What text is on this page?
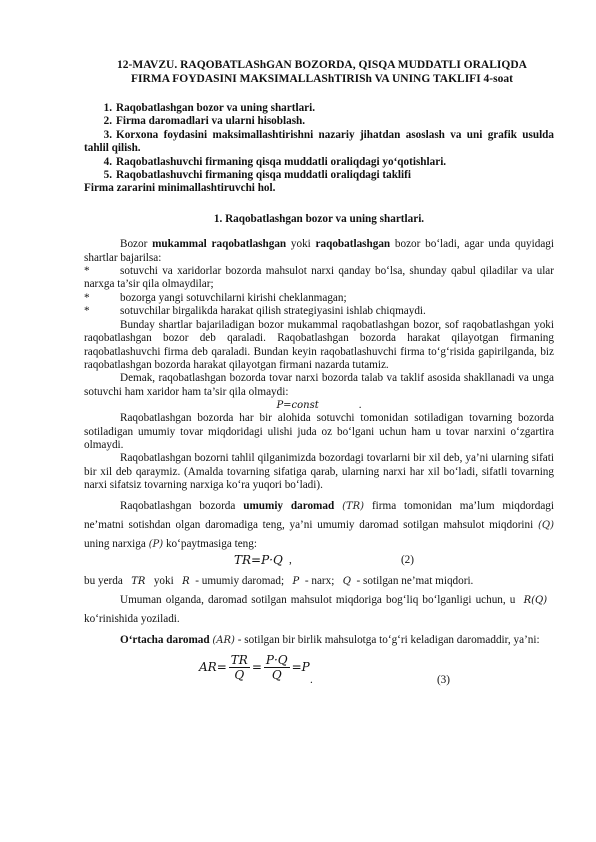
12-MAVZU. RAQOBATLAShGAN BOZORDA, QISQA MUDDATLI ORALIQDA FIRMA FOYDASINI MAKSIMALLAShTIRISh VA UNING TAKLIFI 4-soat
1. Raqobatlashgan bozor va uning shartlari.
2. Firma daromadlari va ularni hisoblash.
3. Korxona foydasini maksimallashtirishni nazariy jihatdan asoslash va uni grafik usulda tahlil qilish.
4. Raqobatlashuvchi firmaning qisqa muddatli oraliqdagi yo‘qotishlari.
5. Raqobatlashuvchi firmaning qisqa muddatli oraliqdagi taklifi
Firma zararini minimallashtiruvchi hol.
1. Raqobatlashgan bozor va uning shartlari.

Bozor mukammal raqobatlashgan yoki raqobatlashgan bozor bo‘ladi, agar unda quyidagi shartlar bajarilsa:

*	sotuvchi va xaridorlar bozorda mahsulot narxi qanday bo‘lsa, shunday qabul qiladilar va ular narxga ta’sir qila olmaydilar;

*	bozorga yangi sotuvchilarni kirishi cheklanmagan;

*	sotuvchilar birgalikda harakat qilish strategiyasini ishlab chiqmaydi.

Bunday shartlar bajariladigan bozor mukammal raqobatlashgan bozor, sof raqobatlashgan yoki raqobatlashgan bozor deb qaraladi. Raqobatlashgan bozorda harakat qilayotgan firmaning raqobatlashuvchi firma deb qaraladi. Bundan keyin raqobatlashuvchi firma to‘g‘risida gapirilganda, biz raqobatlashgan bozorda harakat qilayotgan firmani nazarda tutamiz.

Demak, raqobatlashgan bozorda tovar narxi bozorda talab va taklif asosida shakllanadi va unga sotuvchi ham xaridor ham ta’sir qila olmaydi:

P=const	.

Raqobatlashgan bozorda har bir alohida sotuvchi tomonidan sotiladigan tovarning bozorda sotiladigan umumiy tovar miqdoridagi ulishi juda oz bo‘lgani uchun ham u tovar narxini o‘zgartira olmaydi.

Raqobatlashgan bozorni tahlil qilganimizda bozordagi tovarlarni bir xil deb, ya’ni ularning sifati bir xil deb qaraymiz. (Amalda tovarning sifatiga qarab, ularning narxi har xil bo‘ladi, sifatli tovarning narxi sifatsiz tovarning narxiga ko‘ra yuqori bo‘ladi).

Raqobatlashgan bozorda umumiy daromad (TR) firma tomonidan ma’lum miqdordagi ne’matni sotishdan olgan daromadiga teng, ya’ni umumiy daromad sotilgan mahsulot miqdorini (Q) uning narxiga (P) ko‘paytmasiga teng:

TR=P·Q ,	(2)

bu yerda TR yoki R - umumiy daromad; P - narx; Q - sotilgan ne’mat miqdori.

Umuman olganda, daromad sotilgan mahsulot miqdoriga bog‘liq bo‘lganligi uchun, u R(Q)   ko‘rinishida yoziladi.

O‘rtacha daromad (AR) - sotilgan bir birlik mahsulotga to‘g‘ri keladigan daromaddir, ya’ni:

$AR= \frac{TR}{Q} = \frac{P\cdot Q}{Q} =P$
.	(3)
